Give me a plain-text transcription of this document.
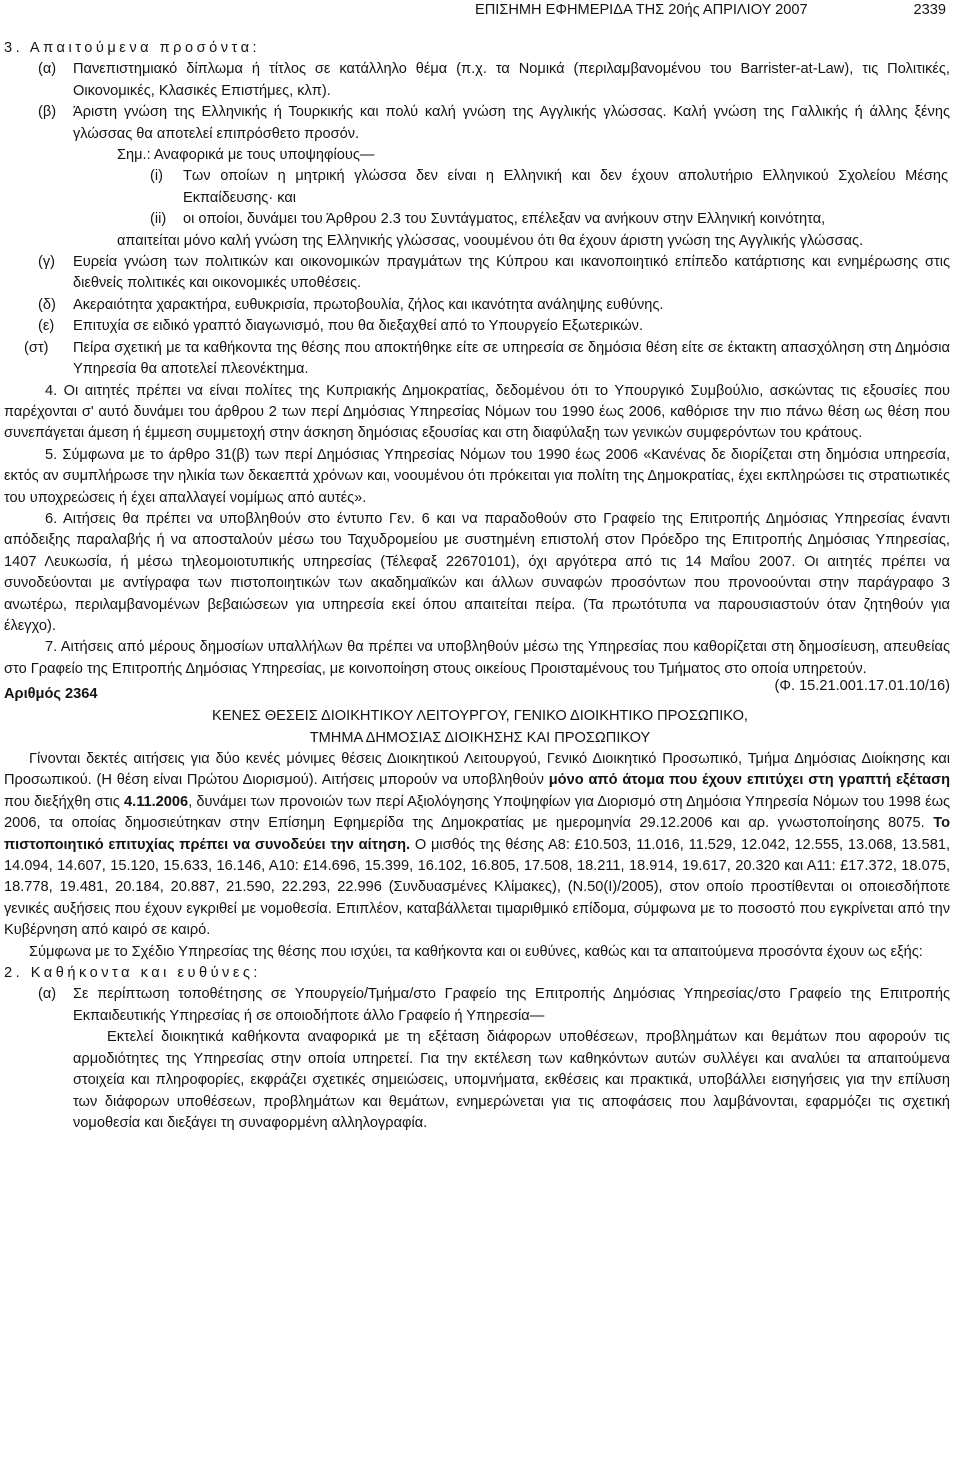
ΕΠΙΣΗΜΗ ΕΦΗΜΕΡΙΔΑ ΤΗΣ 20ής ΑΠΡΙΛΙΟΥ 2007	2339

3. Απαιτούμενα προσόντα:

(α) Πανεπιστημιακό δίπλωμα ή τίτλος σε κατάλληλο θέμα (π.χ. τα Νομικά (περιλαμβανομένου του Barrister-at-Law), τις Πολιτικές, Οικονομικές, Κλασικές Επιστήμες, κλπ).
(β) Άριστη γνώση της Ελληνικής ή Τουρκικής και πολύ καλή γνώση της Αγγλικής γλώσσας. Καλή γνώση της Γαλλικής ή άλλης ξένης γλώσσας θα αποτελεί επιπρόσθετο προσόν.

Σημ.: Αναφορικά με τους υποψηφίους—

(i) Των οποίων η μητρική γλώσσα δεν είναι η Ελληνική και δεν έχουν απολυτήριο Ελληνικού Σχολείου Μέσης Εκπαίδευσης· και
(ii) οι οποίοι, δυνάμει του Άρθρου 2.3 του Συντάγματος, επέλεξαν να ανήκουν στην Ελληνική κοινότητα,

απαιτείται μόνο καλή γνώση της Ελληνικής γλώσσας, νοουμένου ότι θα έχουν άριστη γνώση της Αγγλικής γλώσσας.

(γ) Ευρεία γνώση των πολιτικών και οικονομικών πραγμάτων της Κύπρου και ικανοποιητικό επίπεδο κατάρτισης και ενημέρωσης στις διεθνείς πολιτικές και οικονομικές υποθέσεις.
(δ) Ακεραιότητα χαρακτήρα, ευθυκρισία, πρωτοβουλία, ζήλος και ικανότητα ανάληψης ευθύνης.
(ε) Επιτυχία σε ειδικό γραπτό διαγωνισμό, που θα διεξαχθεί από το Υπουργείο Εξωτερικών.
(στ) Πείρα σχετική με τα καθήκοντα της θέσης που αποκτήθηκε είτε σε υπηρεσία σε δημόσια θέση είτε σε έκτακτη απασχόληση στη Δημόσια Υπηρεσία θα αποτελεί πλεονέκτημα.

4. Οι αιτητές πρέπει να είναι πολίτες της Κυπριακής Δημοκρατίας, δεδομένου ότι το Υπουργικό Συμβούλιο, ασκώντας τις εξουσίες που παρέχονται σ' αυτό δυνάμει του άρθρου 2 των περί Δημόσιας Υπηρεσίας Νόμων του 1990 έως 2006, καθόρισε την πιο πάνω θέση ως θέση που συνεπάγεται άμεση ή έμμεση συμμετοχή στην άσκηση δημόσιας εξουσίας και στη διαφύλαξη των γενικών συμφερόντων του κράτους.

5. Σύμφωνα με το άρθρο 31(β) των περί Δημόσιας Υπηρεσίας Νόμων του 1990 έως 2006 «Κανένας δε διορίζεται στη δημόσια υπηρεσία, εκτός αν συμπλήρωσε την ηλικία των δεκαεπτά χρόνων και, νοουμένου ότι πρόκειται για πολίτη της Δημοκρατίας, έχει εκπληρώσει τις στρατιωτικές του υποχρεώσεις ή έχει απαλλαγεί νομίμως από αυτές».

6. Αιτήσεις θα πρέπει να υποβληθούν στο έντυπο Γεν. 6 και να παραδοθούν στο Γραφείο της Επιτροπής Δημόσιας Υπηρεσίας έναντι απόδειξης παραλαβής ή να αποσταλούν μέσω του Ταχυδρομείου με συστημένη επιστολή στον Πρόεδρο της Επιτροπής Δημόσιας Υπηρεσίας, 1407 Λευκωσία, ή μέσω τηλεομοιοτυπικής υπηρεσίας (Τέλεφαξ 22670101), όχι αργότερα από τις 14 Μαΐου 2007. Οι αιτητές πρέπει να συνοδεύονται με αντίγραφα των πιστοποιητικών των ακαδημαϊκών και άλλων συναφών προσόντων που προνοούνται στην παράγραφο 3 ανωτέρω, περιλαμβανομένων βεβαιώσεων για υπηρεσία εκεί όπου απαιτείται πείρα. (Τα πρωτότυπα να παρουσιαστούν όταν ζητηθούν για έλεγχο).

7. Αιτήσεις από μέρους δημοσίων υπαλλήλων θα πρέπει να υποβληθούν μέσω της Υπηρεσίας που καθορίζεται στη δημοσίευση, απευθείας στο Γραφείο της Επιτροπής Δημόσιας Υπηρεσίας, με κοινοποίηση στους οικείους Προισταμένους του Τμήματος στο οποία υπηρετούν.

(Φ. 15.21.001.17.01.10/16)
Αριθμός 2364

ΚΕΝΕΣ ΘΕΣΕΙΣ ΔΙΟΙΚΗΤΙΚΟΥ ΛΕΙΤΟΥΡΓΟΥ, ΓΕΝΙΚΟ ΔΙΟΙΚΗΤΙΚΟ ΠΡΟΣΩΠΙΚΟ,

ΤΜΗΜΑ ΔΗΜΟΣΙΑΣ ΔΙΟΙΚΗΣΗΣ ΚΑΙ ΠΡΟΣΩΠΙΚΟΥ

Γίνονται δεκτές αιτήσεις για δύο κενές μόνιμες θέσεις Διοικητικού Λειτουργού, Γενικό Διοικητικό Προσωπικό, Τμήμα Δημόσιας Διοίκησης και Προσωπικού. (Η θέση είναι Πρώτου Διορισμού). Αιτήσεις μπορούν να υποβληθούν μόνο από άτομα που έχουν επιτύχει στη γραπτή εξέταση που διεξήχθη στις 4.11.2006, δυνάμει των προνοιών των περί Αξιολόγησης Υποψηφίων για Διορισμό στη Δημόσια Υπηρεσία Νόμων του 1998 έως 2006, τα οποίας δημοσιεύτηκαν στην Επίσημη Εφημερίδα της Δημοκρατίας με ημερομηνία 29.12.2006 και αρ. γνωστοποίησης 8075. Το πιστοποιητικό επιτυχίας πρέπει να συνοδεύει την αίτηση. Ο μισθός της θέσης Α8: £10.503, 11.016, 11.529, 12.042, 12.555, 13.068, 13.581, 14.094, 14.607, 15.120, 15.633, 16.146, Α10: £14.696, 15.399, 16.102, 16.805, 17.508, 18.211, 18.914, 19.617, 20.320 και Α11: £17.372, 18.075, 18.778, 19.481, 20.184, 20.887, 21.590, 22.293, 22.996 (Συνδυασμένες Κλίμακες), (Ν.50(Ι)/2005), στον οποίο προστίθενται οι οποιεσδήποτε γενικές αυξήσεις που έχουν εγκριθεί με νομοθεσία. Επιπλέον, καταβάλλεται τιμαριθμικό επίδομα, σύμφωνα με το ποσοστό που εγκρίνεται από την Κυβέρνηση από καιρό σε καιρό.

Σύμφωνα με το Σχέδιο Υπηρεσίας της θέσης που ισχύει, τα καθήκοντα και οι ευθύνες, καθώς και τα απαιτούμενα προσόντα έχουν ως εξής:

2. Καθήκοντα και ευθύνες:

(α) Σε περίπτωση τοποθέτησης σε Υπουργείο/Τμήμα/στο Γραφείο της Επιτροπής Δημόσιας Υπηρεσίας/στο Γραφείο της Επιτροπής Εκπαιδευτικής Υπηρεσίας ή σε οποιοδήποτε άλλο Γραφείο ή Υπηρεσία—

Εκτελεί διοικητικά καθήκοντα αναφορικά με τη εξέταση διάφορων υποθέσεων, προβλημάτων και θεμάτων που αφορούν τις αρμοδιότητες της Υπηρεσίας στην οποία υπηρετεί. Για την εκτέλεση των καθηκόντων αυτών συλλέγει και αναλύει τα απαιτούμενα στοιχεία και πληροφορίες, εκφράζει σχετικές σημειώσεις, υπομνήματα, εκθέσεις και πρακτικά, υποβάλλει εισηγήσεις για την επίλυση των διάφορων υποθέσεων, προβλημάτων και θεμάτων, ενημερώνεται για τις αποφάσεις που λαμβάνονται, εφαρμόζει τις σχετική νομοθεσία και διεξάγει τη συναφορμένη αλληλογραφία.
